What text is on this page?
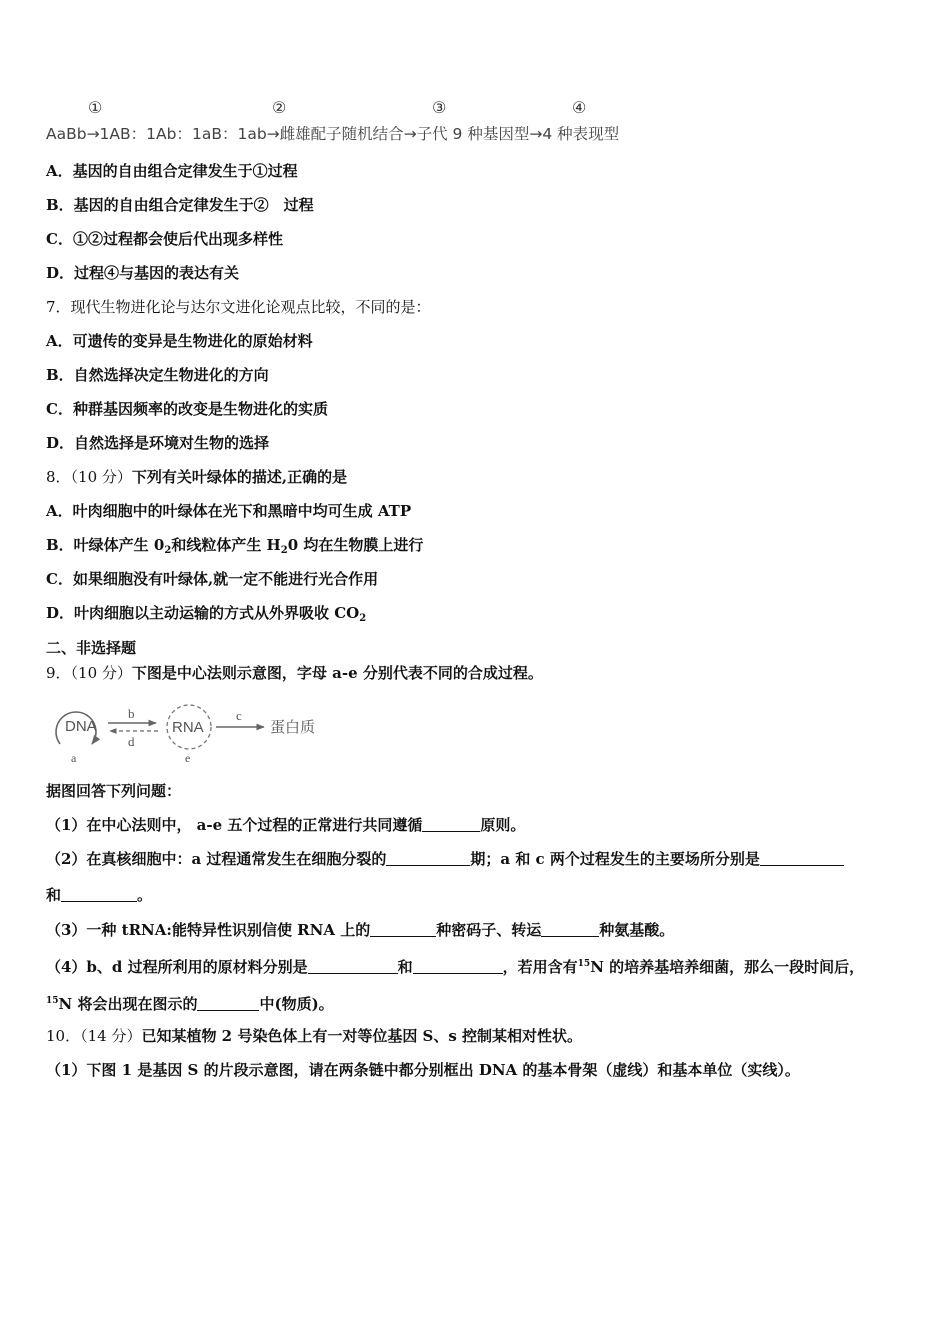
①	②	③	④
AaBb→1AB：1Ab：1aB：1ab→雌雄配子随机结合→子代 9 种基因型→4 种表现型
A．基因的自由组合定律发生于①过程
B．基因的自由组合定律发生于②　过程
C．①②过程都会使后代出现多样性
D．过程④与基因的表达有关
7．现代生物进化论与达尔文进化论观点比较，不同的是：
A．可遗传的变异是生物进化的原始材料
B．自然选择决定生物进化的方向
C．种群基因频率的改变是生物进化的实质
D．自然选择是环境对生物的选择
8．（10 分）下列有关叶绿体的描述,正确的是
A．叶肉细胞中的叶绿体在光下和黑暗中均可生成 ATP
B．叶绿体产生 $0_2$和线粒体产生 $H_20$ 均在生物膜上进行
C．如果细胞没有叶绿体,就一定不能进行光合作用
D．叶肉细胞以主动运输的方式从外界吸收 $CO_2$
二、非选择题
9．（10 分）下图是中心法则示意图，字母 a-e 分别代表不同的合成过程。
DNA
a
b
d
RNA
e
c
蛋白质
据图回答下列问题：
（1）在中心法则中， a-e 五个过程的正常进行共同遵循	原则。
（2）在真核细胞中：a 过程通常发生在细胞分裂的	期；a 和 c 两个过程发生的主要场所分别是
和	。
（3）一种 tRNA:能特异性识别信使 RNA 上的	种密码子、转运	种氨基酸。
（4）b、d 过程所利用的原材料分别是	和	，若用含有$^{15}$N 的培养基培养细菌，那么一段时间后，
$^{15}$N 将会出现在图示的	中(物质)。
10．（14 分）已知某植物 2 号染色体上有一对等位基因 S、s 控制某相对性状。
（1）下图 1 是基因 S 的片段示意图，请在两条链中都分别框出 DNA 的基本骨架（虚线）和基本单位（实线）。
